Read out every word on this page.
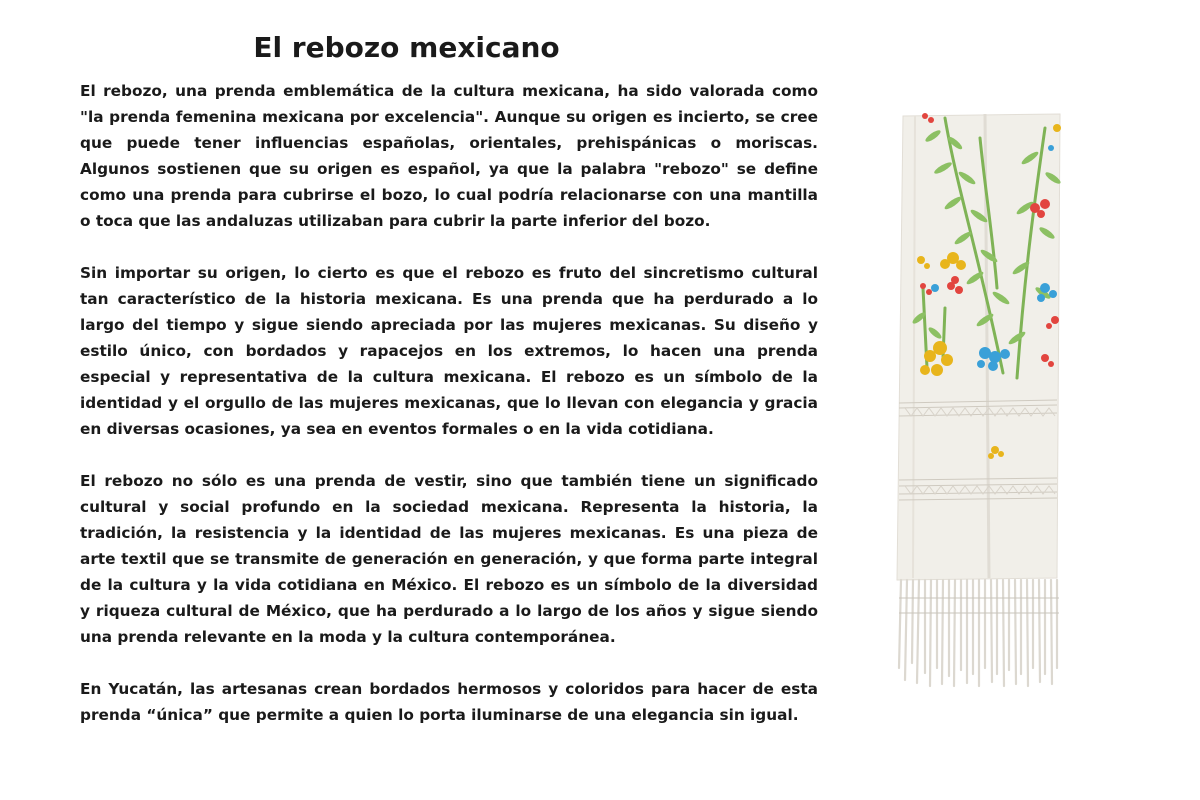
El rebozo mexicano

El rebozo, una prenda emblemática de la cultura mexicana, ha sido valorada como "la prenda femenina mexicana por excelencia". Aunque su origen es incierto, se cree que puede tener influencias españolas, orientales, prehispánicas o moriscas. Algunos sostienen que su origen es español, ya que la palabra "rebozo" se define como una prenda para cubrirse el bozo, lo cual podría relacionarse con una mantilla o toca que las andaluzas utilizaban para cubrir la parte inferior del bozo.

Sin importar su origen, lo cierto es que el rebozo es fruto del sincretismo cultural tan característico de la historia mexicana. Es una prenda que ha perdurado a lo largo del tiempo y sigue siendo apreciada por las mujeres mexicanas. Su diseño y estilo único, con bordados y rapacejos en los extremos, lo hacen una prenda especial y representativa de la cultura mexicana. El rebozo es un símbolo de la identidad y el orgullo de las mujeres mexicanas, que lo llevan con elegancia y gracia en diversas ocasiones, ya sea en eventos formales o en la vida cotidiana.

El rebozo no sólo es una prenda de vestir, sino que también tiene un significado cultural y social profundo en la sociedad mexicana. Representa la historia, la tradición, la resistencia y la identidad de las mujeres mexicanas. Es una pieza de arte textil que se transmite de generación en generación, y que forma parte integral de la cultura y la vida cotidiana en México. El rebozo es un símbolo de la diversidad y riqueza cultural de México, que ha perdurado a lo largo de los años y sigue siendo una prenda relevante en la moda y la cultura contemporánea.

En Yucatán, las artesanas crean bordados hermosos y coloridos para hacer de esta prenda “única” que permite a quien lo porta iluminarse de una elegancia sin igual.
